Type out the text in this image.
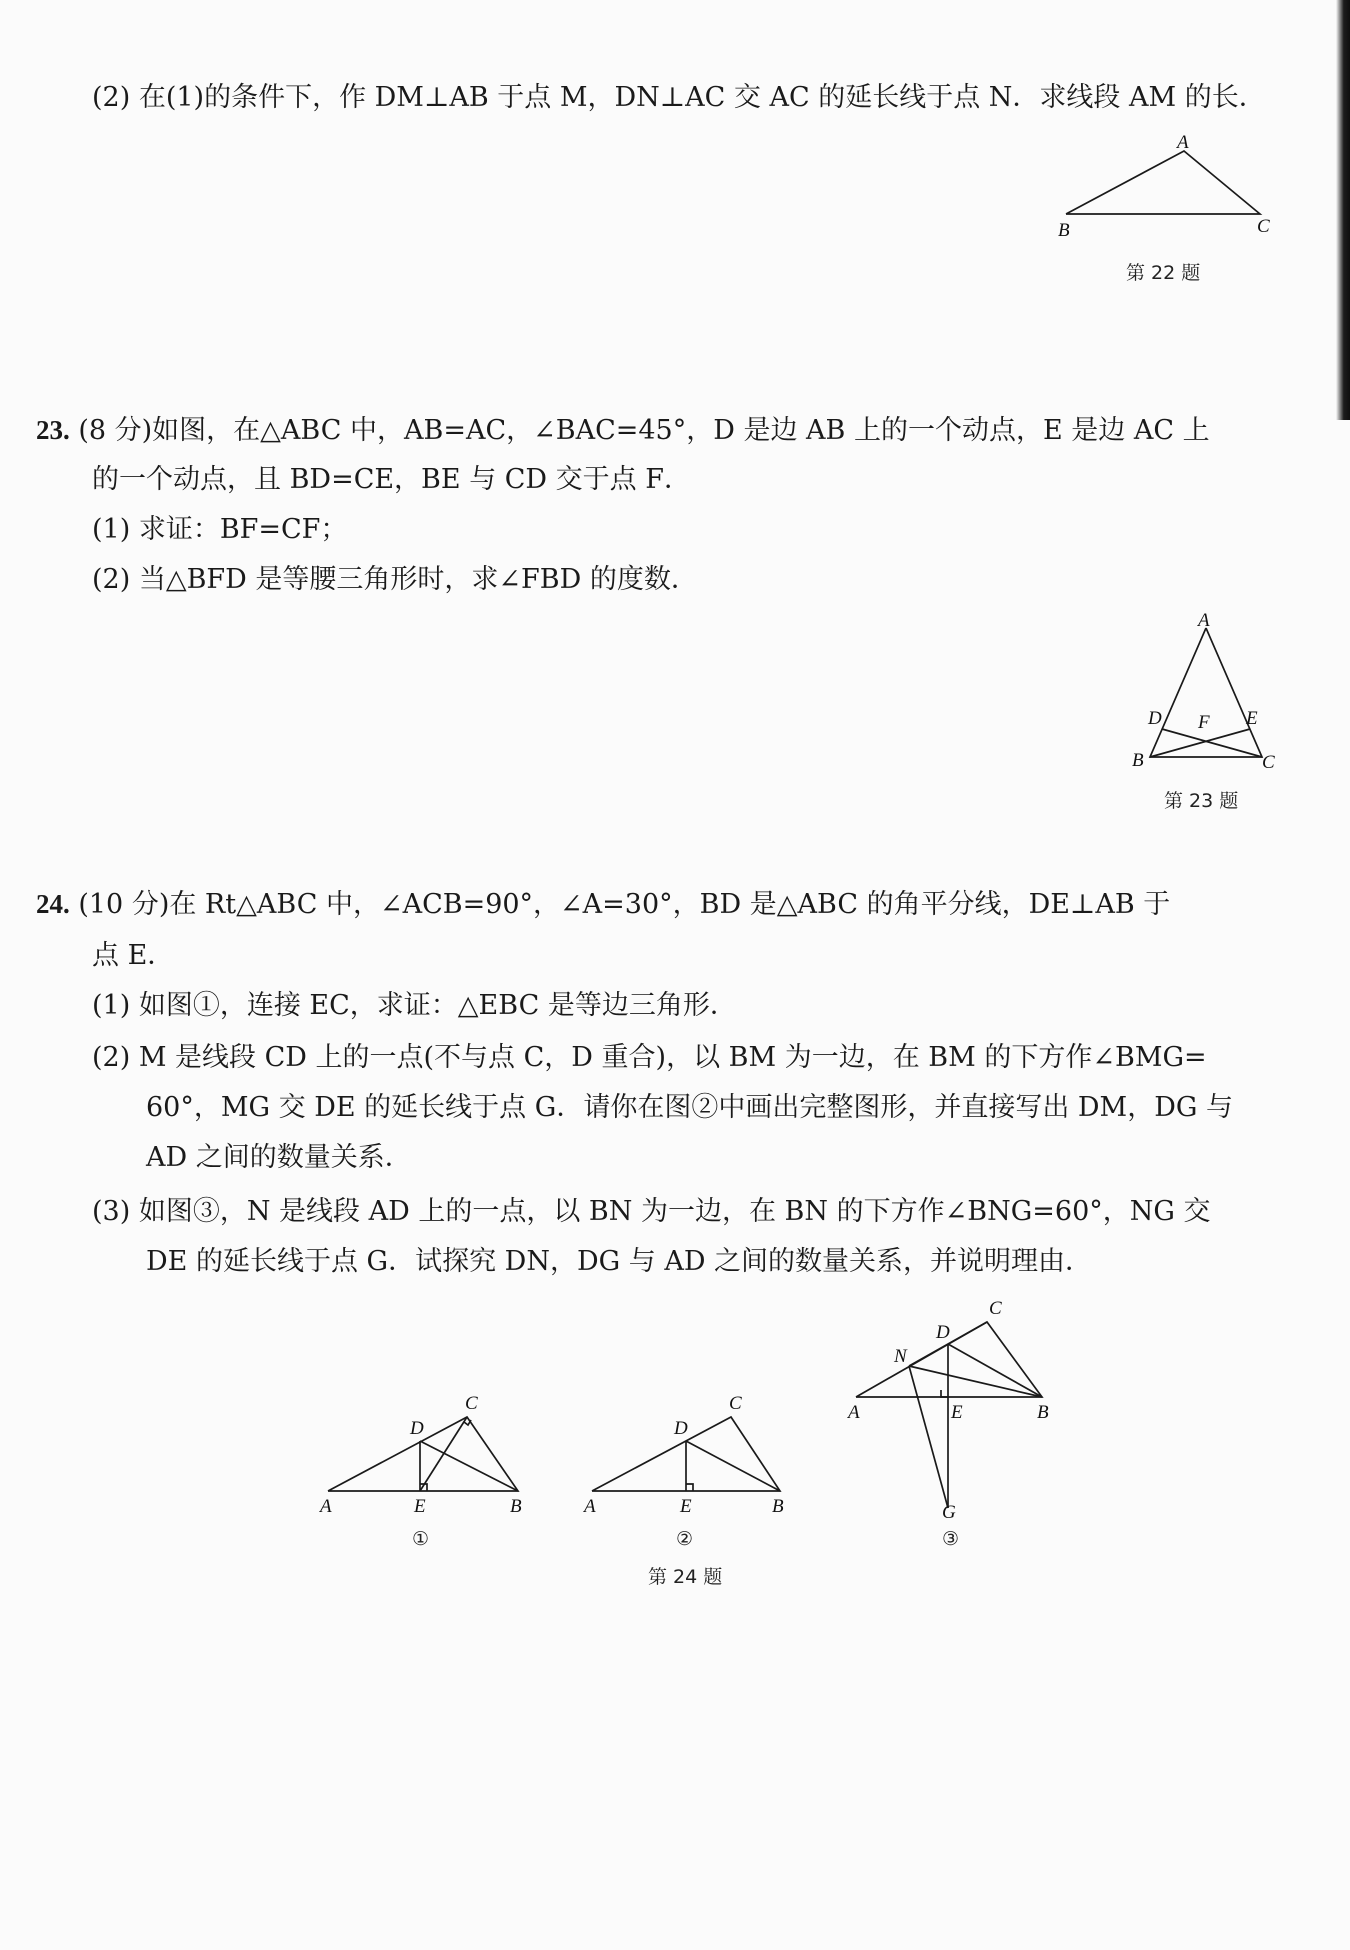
(2) 在(1)的条件下，作 DM⊥AB 于点 M，DN⊥AC 交 AC 的延长线于点 N．求线段 AM 的长．
A
B	C
第 22 题
23. (8 分)如图，在△ABC 中，AB=AC，∠BAC=45°，D 是边 AB 上的一个动点，E 是边 AC 上
的一个动点，且 BD=CE，BE 与 CD 交于点 F．
(1) 求证：BF=CF；
(2) 当△BFD 是等腰三角形时，求∠FBD 的度数．
A
D F E
B	C
第 23 题
24. (10 分)在 Rt△ABC 中，∠ACB=90°，∠A=30°，BD 是△ABC 的角平分线，DE⊥AB 于
点 E．
(1) 如图①，连接 EC，求证：△EBC 是等边三角形．
(2) M 是线段 CD 上的一点(不与点 C，D 重合)，以 BM 为一边，在 BM 的下方作∠BMG=
60°，MG 交 DE 的延长线于点 G．请你在图②中画出完整图形，并直接写出 DM，DG 与
AD 之间的数量关系．
(3) 如图③，N 是线段 AD 上的一点，以 BN 为一边，在 BN 的下方作∠BNG=60°，NG 交
DE 的延长线于点 G．试探究 DN，DG 与 AD 之间的数量关系，并说明理由．
C
D
A	E	B
①
C
D
A	E	B
②
C
D
N
A	E	B
G
③
第 24 题
